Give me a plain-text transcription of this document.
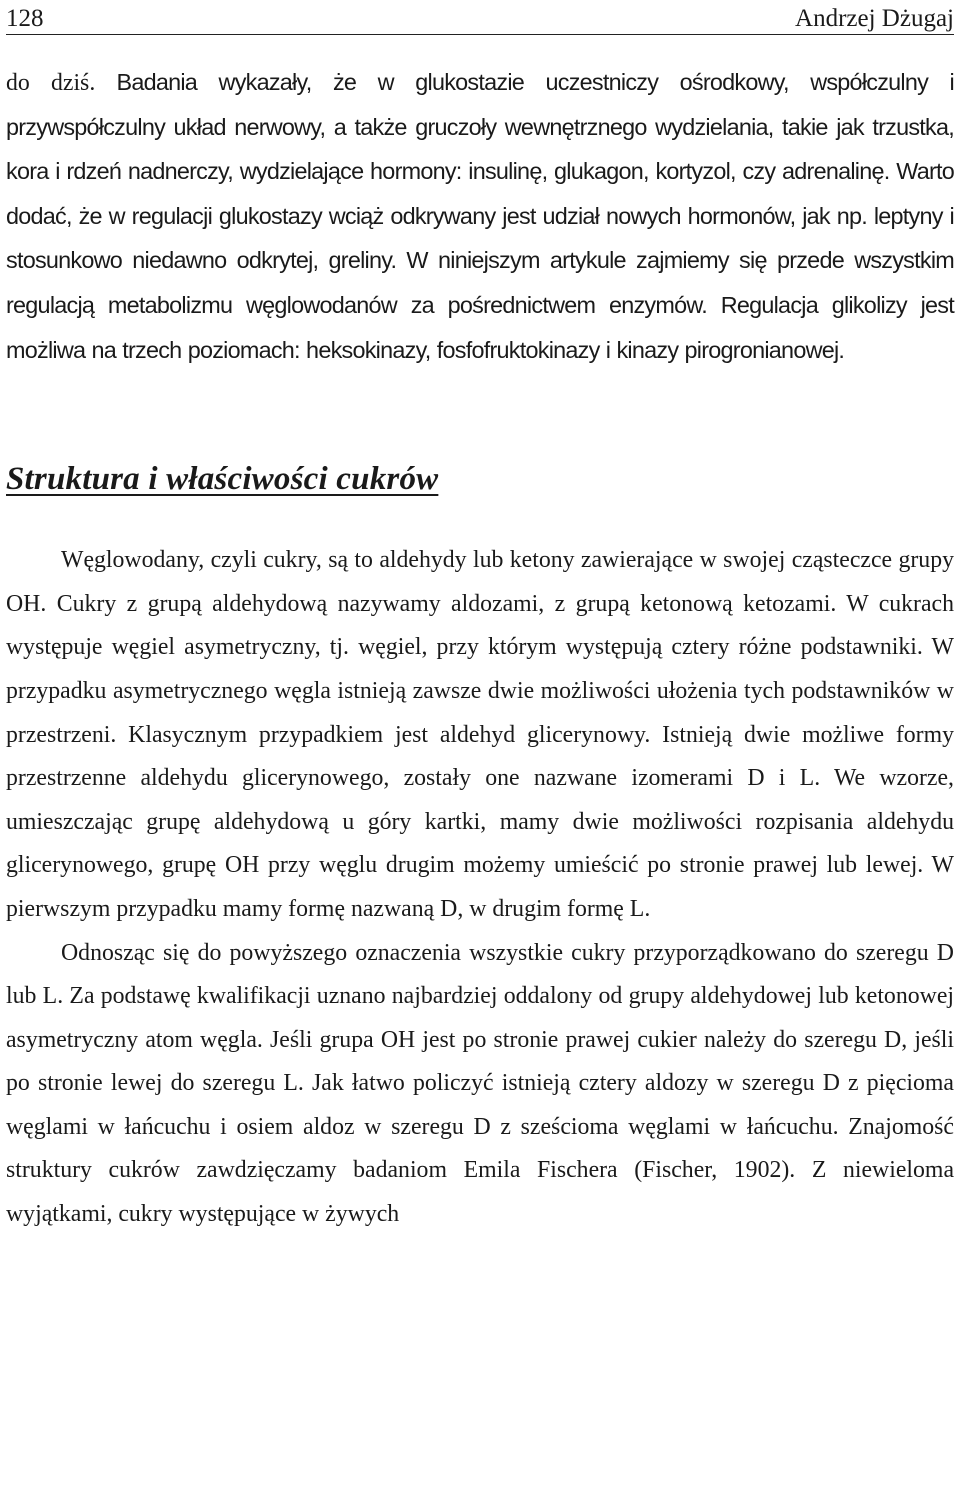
128	Andrzej Dżugaj

do dziś. Badania wykazały, że w glukostazie uczestniczy ośrodkowy, współczulny i przywspółczulny układ nerwowy, a także gruczoły wewnętrznego wydzielania, takie jak trzustka, kora i rdzeń nadnerczy, wydzielające hormony: insulinę, glukagon, kortyzol, czy adrenalinę. Warto dodać, że w regulacji glukostazy wciąż odkrywany jest udział nowych hormonów, jak np. leptyny i stosunkowo niedawno odkrytej, greliny. W niniejszym artykule zajmiemy się przede wszystkim regulacją metabolizmu węglowodanów za pośrednictwem enzymów. Regulacja glikolizy jest możliwa na trzech poziomach: heksokinazy, fosfofruktokinazy i kinazy pirogronianowej.

Struktura i właściwości cukrów

Węglowodany, czyli cukry, są to aldehydy lub ketony zawierające w swojej cząsteczce grupy OH. Cukry z grupą aldehydową nazywamy aldozami, z grupą ketonową ketozami. W cukrach występuje węgiel asymetryczny, tj. węgiel, przy którym występują cztery różne podstawniki. W przypadku asymetrycznego węgla istnieją zawsze dwie możliwości ułożenia tych podstawników w przestrzeni. Klasycznym przypadkiem jest aldehyd glicerynowy. Istnieją dwie możliwe formy przestrzenne aldehydu glicerynowego, zostały one nazwane izomerami D i L. We wzorze, umieszczając grupę aldehydową u góry kartki, mamy dwie możliwości rozpisania aldehydu glicerynowego, grupę OH przy węglu drugim możemy umieścić po stronie prawej lub lewej. W pierwszym przypadku mamy formę nazwaną D, w drugim formę L.

Odnosząc się do powyższego oznaczenia wszystkie cukry przyporządkowano do szeregu D lub L. Za podstawę kwalifikacji uznano najbardziej oddalony od grupy aldehydowej lub ketonowej asymetryczny atom węgla. Jeśli grupa OH jest po stronie prawej cukier należy do szeregu D, jeśli po stronie lewej do szeregu L. Jak łatwo policzyć istnieją cztery aldozy w szeregu D z pięcioma węglami w łańcuchu i osiem aldoz w szeregu D z sześcioma węglami w łańcuchu. Znajomość struktury cukrów zawdzięczamy badaniom Emila Fischera (Fischer, 1902). Z niewieloma wyjątkami, cukry występujące w żywych
